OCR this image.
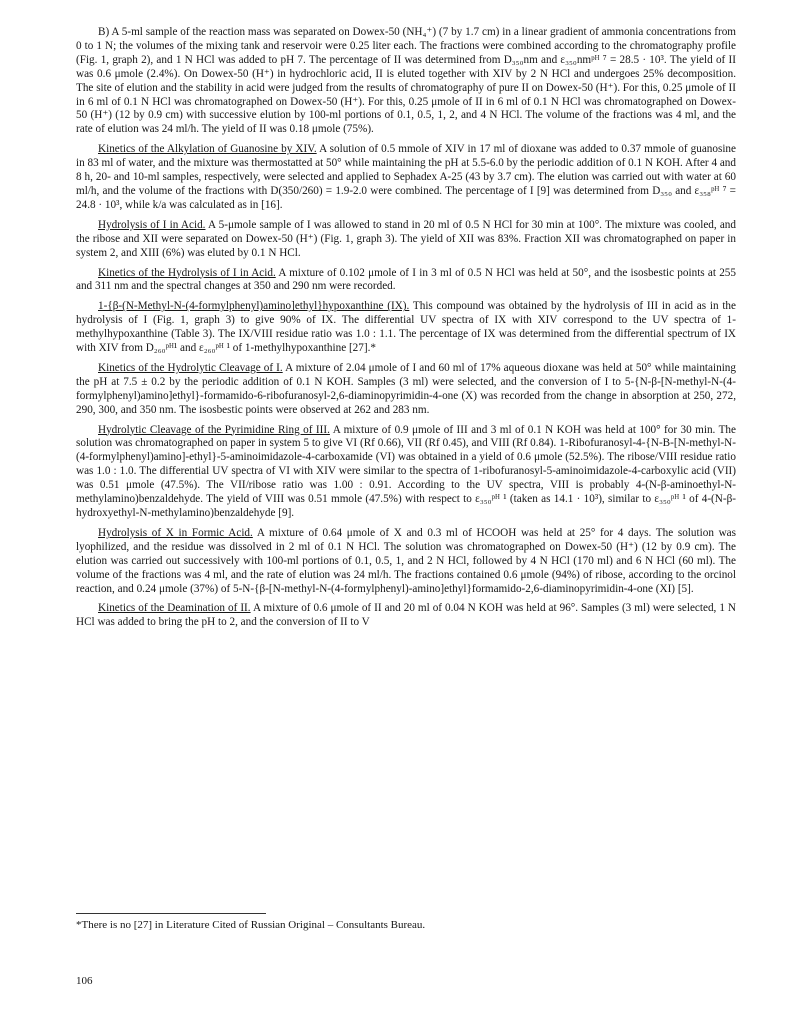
B) A 5-ml sample of the reaction mass was separated on Dowex-50 (NH₄⁺) (7 by 1.7 cm) in a linear gradient of ammonia concentrations from 0 to 1 N; the volumes of the mixing tank and reservoir were 0.25 liter each. The fractions were combined according to the chromatography profile (Fig. 1, graph 2), and 1 N HCl was added to pH 7. The percentage of II was determined from D₃₅₀nm and ε₃₅₀nmᵖᴴ ⁷ = 28.5 · 10³. The yield of II was 0.6 μmole (2.4%). On Dowex-50 (H⁺) in hydrochloric acid, II is eluted together with XIV by 2 N HCl and undergoes 25% decomposition. The site of elution and the stability in acid were judged from the results of chromatography of pure II on Dowex-50 (H⁺). For this, 0.25 μmole of II in 6 ml of 0.1 N HCl was chromatographed on Dowex-50 (H⁺). For this, 0.25 μmole of II in 6 ml of 0.1 N HCl was chromatographed on Dowex-50 (H⁺) (12 by 0.9 cm) with successive elution by 100-ml portions of 0.1, 0.5, 1, 2, and 4 N HCl. The volume of the fractions was 4 ml, and the rate of elution was 24 ml/h. The yield of II was 0.18 μmole (75%).

Kinetics of the Alkylation of Guanosine by XIV. A solution of 0.5 mmole of XIV in 17 ml of dioxane was added to 0.37 mmole of guanosine in 83 ml of water, and the mixture was thermostatted at 50° while maintaining the pH at 5.5-6.0 by the periodic addition of 0.1 N KOH. After 4 and 8 h, 20- and 10-ml samples, respectively, were selected and applied to Sephadex A-25 (43 by 3.7 cm). The elution was carried out with water at 60 ml/h, and the volume of the fractions with D(350/260) = 1.9-2.0 were combined. The percentage of I [9] was determined from D₃₅₀ and ε₃₅₈ᵖᴴ ⁷ = 24.8 · 10³, while k/a was calculated as in [16].

Hydrolysis of I in Acid. A 5-μmole sample of I was allowed to stand in 20 ml of 0.5 N HCl for 30 min at 100°. The mixture was cooled, and the ribose and XII were separated on Dowex-50 (H⁺) (Fig. 1, graph 3). The yield of XII was 83%. Fraction XII was chromatographed on paper in system 2, and XIII (6%) was eluted by 0.1 N HCl.

Kinetics of the Hydrolysis of I in Acid. A mixture of 0.102 μmole of I in 3 ml of 0.5 N HCl was held at 50°, and the isosbestic points at 255 and 311 nm and the spectral changes at 350 and 290 nm were recorded.

1-{β-(N-Methyl-N-(4-formylphenyl)amino]ethyl}hypoxanthine (IX). This compound was obtained by the hydrolysis of III in acid as in the hydrolysis of I (Fig. 1, graph 3) to give 90% of IX. The differential UV spectra of IX with XIV correspond to the UV spectra of 1-methylhypoxanthine (Table 3). The IX/VIII residue ratio was 1.0 : 1.1. The percentage of IX was determined from the differential spectrum of IX with XIV from D₂₆₀ᵖᴴ¹ and ε₂₆₀ᵖᴴ ¹ of 1-methylhypoxanthine [27].*

Kinetics of the Hydrolytic Cleavage of I. A mixture of 2.04 μmole of I and 60 ml of 17% aqueous dioxane was held at 50° while maintaining the pH at 7.5 ± 0.2 by the periodic addition of 0.1 N KOH. Samples (3 ml) were selected, and the conversion of I to 5-{N-β-[N-methyl-N-(4-formylphenyl)amino]ethyl}-formamido-6-ribofuranosyl-2,6-diaminopyrimidin-4-one (X) was recorded from the change in absorption at 250, 272, 290, 300, and 350 nm. The isosbestic points were observed at 262 and 283 nm.

Hydrolytic Cleavage of the Pyrimidine Ring of III. A mixture of 0.9 μmole of III and 3 ml of 0.1 N KOH was held at 100° for 30 min. The solution was chromatographed on paper in system 5 to give VI (Rf 0.66), VII (Rf 0.45), and VIII (Rf 0.84). 1-Ribofuranosyl-4-{N-B-[N-methyl-N-(4-formylphenyl)amino]-ethyl}-5-aminoimidazole-4-carboxamide (VI) was obtained in a yield of 0.6 μmole (52.5%). The ribose/VIII residue ratio was 1.0 : 1.0. The differential UV spectra of VI with XIV were similar to the spectra of 1-ribofuranosyl-5-aminoimidazole-4-carboxylic acid (VII) was 0.51 μmole (47.5%). The VII/ribose ratio was 1.00 : 0.91. According to the UV spectra, VIII is probably 4-(N-β-aminoethyl-N-methylamino)benzaldehyde. The yield of VIII was 0.51 mmole (47.5%) with respect to ε₃₅₀ᵖᴴ ¹ (taken as 14.1 · 10³), similar to ε₃₅₀ᵖᴴ ¹ of 4-(N-β-hydroxyethyl-N-methylamino)benzaldehyde [9].

Hydrolysis of X in Formic Acid. A mixture of 0.64 μmole of X and 0.3 ml of HCOOH was held at 25° for 4 days. The solution was lyophilized, and the residue was dissolved in 2 ml of 0.1 N HCl. The solution was chromatographed on Dowex-50 (H⁺) (12 by 0.9 cm). The elution was carried out successively with 100-ml portions of 0.1, 0.5, 1, and 2 N HCl, followed by 4 N HCl (170 ml) and 6 N HCl (60 ml). The volume of the fractions was 4 ml, and the rate of elution was 24 ml/h. The fractions contained 0.6 μmole (94%) of ribose, according to the orcinol reaction, and 0.24 μmole (37%) of 5-N-{β-[N-methyl-N-(4-formylphenyl)-amino]ethyl}formamido-2,6-diaminopyrimidin-4-one (XI) [5].

Kinetics of the Deamination of II. A mixture of 0.6 μmole of II and 20 ml of 0.04 N KOH was held at 96°. Samples (3 ml) were selected, 1 N HCl was added to bring the pH to 2, and the conversion of II to V

*There is no [27] in Literature Cited of Russian Original – Consultants Bureau.
106
